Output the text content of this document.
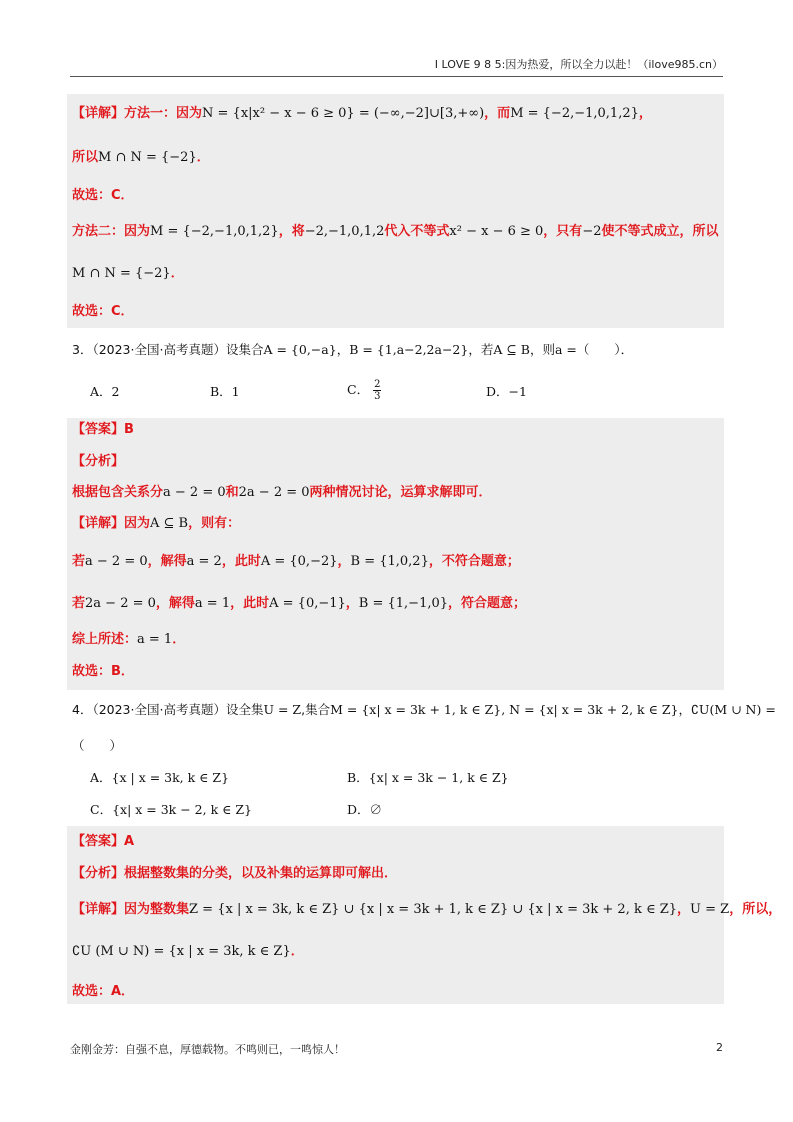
I LOVE 9 8 5:因为热爱，所以全力以赴！（ilove985.cn）
【详解】方法一：因为N = {x|x² − x − 6 ≥ 0} = (−∞,−2]∪[3,+∞)，而M = {−2,−1,0,1,2}，
所以M ∩ N = {−2}．
故选：C．
方法二：因为M = {−2,−1,0,1,2}，将−2,−1,0,1,2代入不等式x² − x − 6 ≥ 0，只有−2使不等式成立，所以
M ∩ N = {−2}．
故选：C．
3．（2023·全国·高考真题）设集合A = {0,−a}，B = {1,a−2,2a−2}，若A ⊆ B，则a =（　　）．
A．2	B．1	C． $\frac{2}{3}$	D．−1
【答案】B
【分析】
根据包含关系分a − 2 = 0和2a − 2 = 0两种情况讨论，运算求解即可．
【详解】因为A ⊆ B，则有：
若a − 2 = 0，解得a = 2，此时A = {0,−2}，B = {1,0,2}，不符合题意；
若2a − 2 = 0，解得a = 1，此时A = {0,−1}，B = {1,−1,0}，符合题意；
综上所述：a = 1．
故选：B．
4．（2023·全国·高考真题）设全集U = Z,集合M = {x| x = 3k + 1, k ∈ Z}, N = {x| x = 3k + 2, k ∈ Z}，∁U(M ∪ N) =
（　　）
A．{x | x = 3k, k ∈ Z}	B．{x| x = 3k − 1, k ∈ Z}
C．{x| x = 3k − 2, k ∈ Z}	D．∅
【答案】A
【分析】根据整数集的分类，以及补集的运算即可解出．
【详解】因为整数集Z = {x | x = 3k, k ∈ Z} ∪ {x | x = 3k + 1, k ∈ Z} ∪ {x | x = 3k + 2, k ∈ Z}，U = Z，所以，
∁U (M ∪ N) = {x | x = 3k, k ∈ Z}．
故选：A．
金刚金芳：自强不息，厚德载物。不鸣则已，一鸣惊人！	2
